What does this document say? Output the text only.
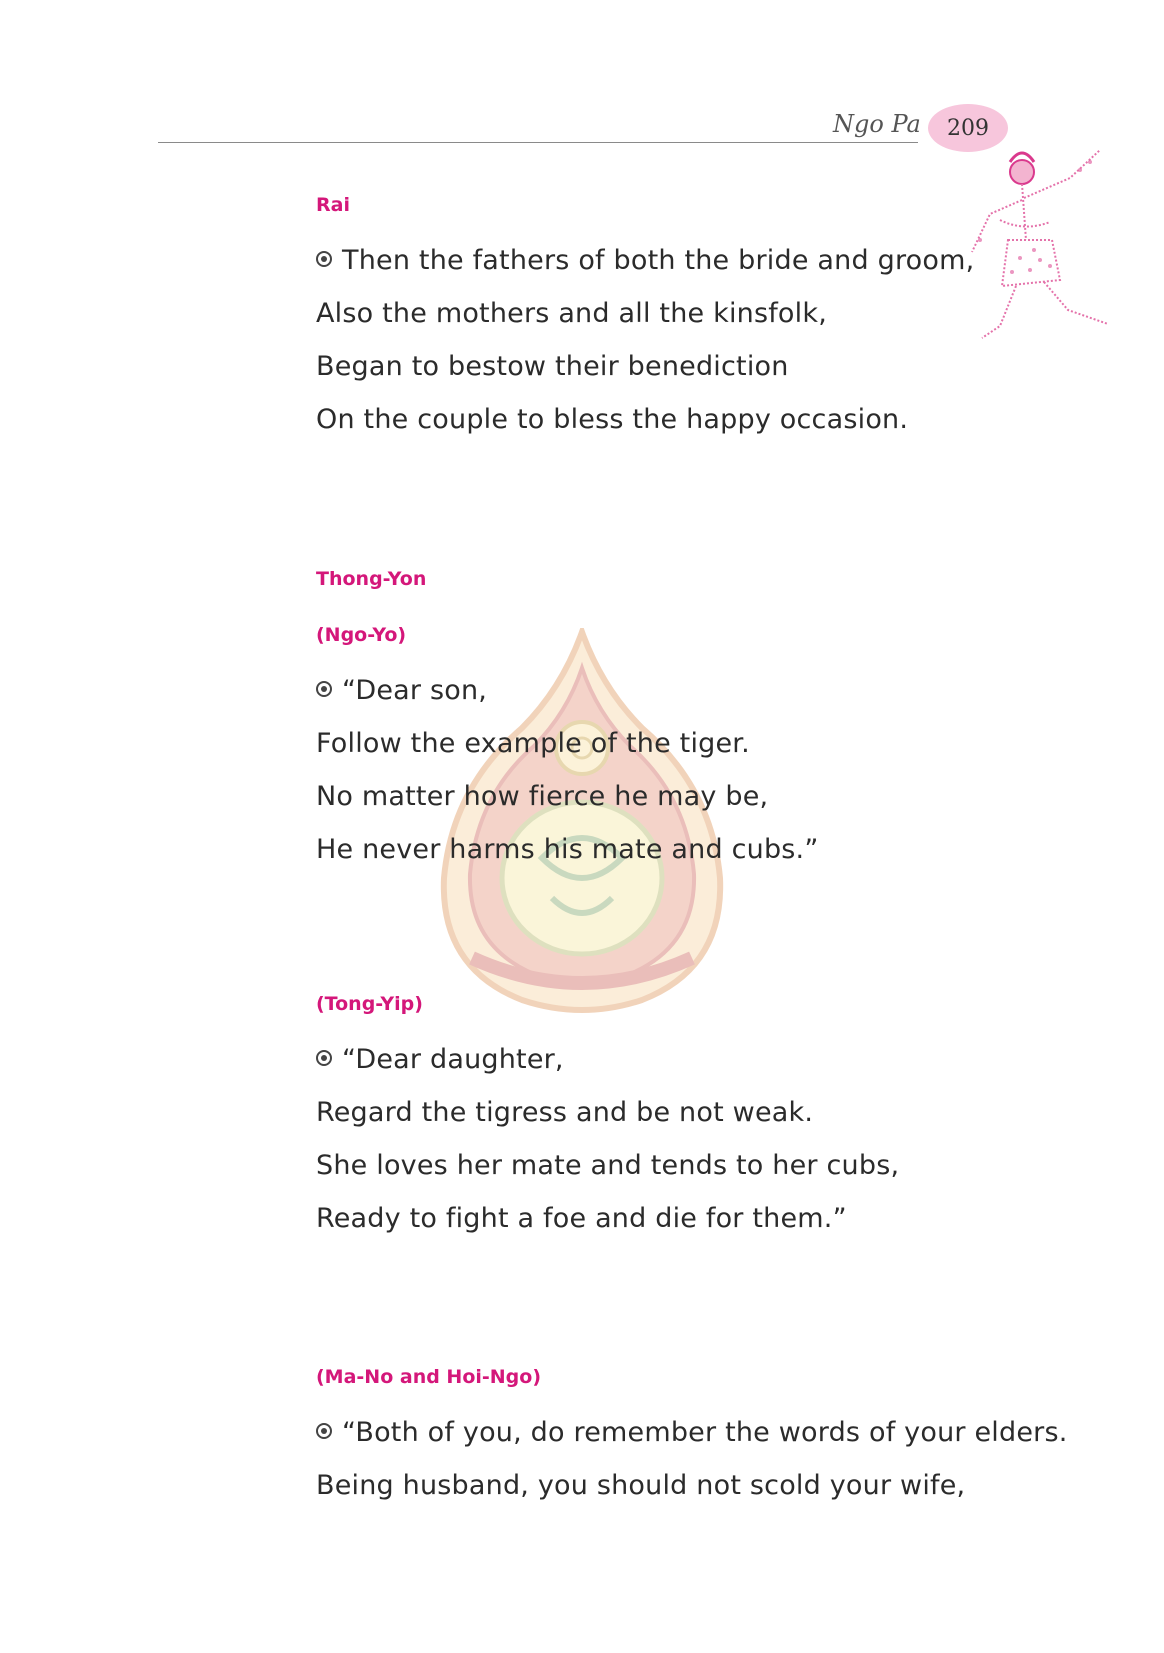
Ngo Pa	209
Rai
Then the fathers of both the bride and groom,
Also the mothers and all the kinsfolk,
Began to bestow their benediction
On the couple to bless the happy occasion.
Thong-Yon
(Ngo-Yo)
“Dear son,
Follow the example of the tiger.
No matter how fierce he may be,
He never harms his mate and cubs.”
(Tong-Yip)
“Dear daughter,
Regard the tigress and be not weak.
She loves her mate and tends to her cubs,
Ready to fight a foe and die for them.”
(Ma-No and Hoi-Ngo)
“Both of you, do remember the words of your elders.
Being husband, you should not scold your wife,
